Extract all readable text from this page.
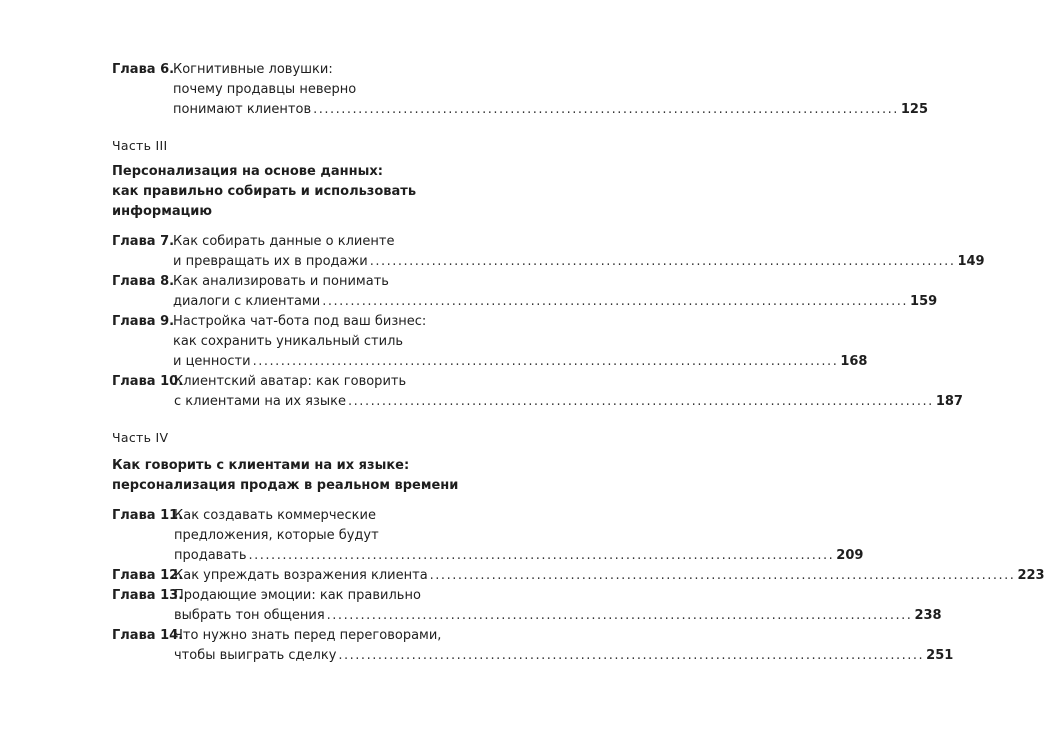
Глава 6.
Когнитивные ловушки:
почему продавцы неверно
понимают клиентов ........................................................................................................ 125
Часть III
Персонализация на основе данных:
как правильно собирать и использовать
информацию
Глава 7.
Как собирать данные о клиенте
и превращать их в продажи ........................................................................................................ 149
Глава 8.
Как анализировать и понимать
диалоги с клиентами ........................................................................................................ 159
Глава 9.
Настройка чат-бота под ваш бизнес:
как сохранить уникальный стиль
и ценности ........................................................................................................ 168
Глава 10.
Клиентский аватар: как говорить
с клиентами на их языке ........................................................................................................ 187
Часть IV
Как говорить с клиентами на их языке:
персонализация продаж в реальном времени
Глава 11.
Как создавать коммерческие
предложения, которые будут
продавать ........................................................................................................ 209
Глава 12.
Как упреждать возражения клиента ........................................................................................................ 223
Глава 13.
Продающие эмоции: как правильно
выбрать тон общения ........................................................................................................ 238
Глава 14.
Что нужно знать перед переговорами,
чтобы выиграть сделку ........................................................................................................ 251
